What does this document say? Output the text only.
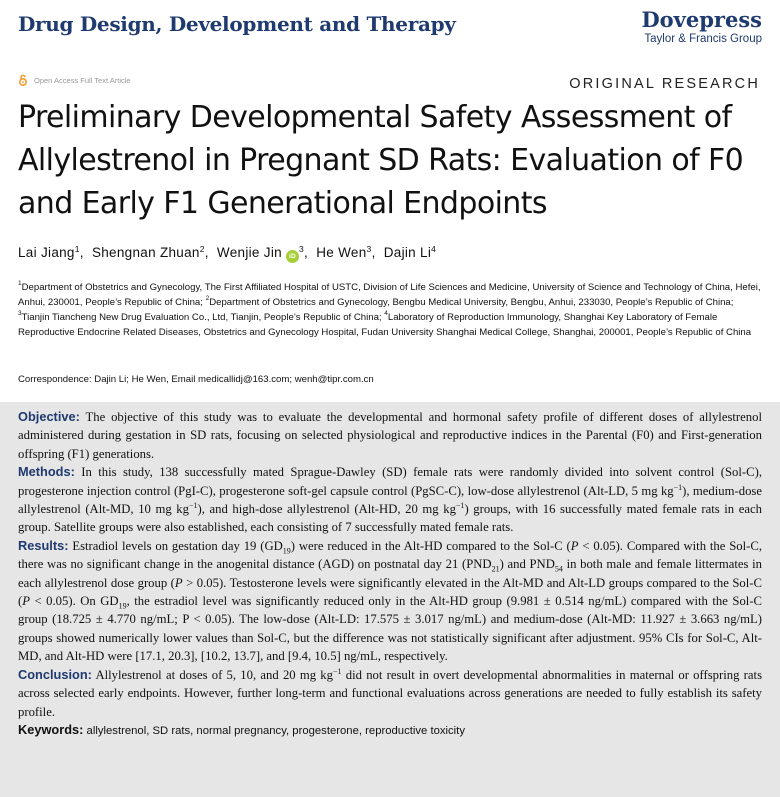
Drug Design, Development and Therapy	Dovepress
Taylor & Francis Group
Open Access Full Text Article	ORIGINAL RESEARCH
Preliminary Developmental Safety Assessment of Allylestrenol in Pregnant SD Rats: Evaluation of F0 and Early F1 Generational Endpoints
Lai Jiang$^1$,  Shengnan Zhuan$^2$,  Wenjie Jin $iD^3$,  He Wen$^3$,  Dajin Li$^4$
$^1$Department of Obstetrics and Gynecology, The First Affiliated Hospital of USTC, Division of Life Sciences and Medicine, University of Science and Technology of China, Hefei, Anhui, 230001, People’s Republic of China; $^2$Department of Obstetrics and Gynecology, Bengbu Medical University, Bengbu, Anhui, 233030, People’s Republic of China; $^3$Tianjin Tiancheng New Drug Evaluation Co., Ltd, Tianjin, People’s Republic of China; $^4$Laboratory of Reproduction Immunology, Shanghai Key Laboratory of Female Reproductive Endocrine Related Diseases, Obstetrics and Gynecology Hospital, Fudan University Shanghai Medical College, Shanghai, 200001, People’s Republic of China
Correspondence: Dajin Li; He Wen, Email medicallidj@163.com; wenh@tipr.com.cn

Objective: The objective of this study was to evaluate the developmental and hormonal safety profile of different doses of allylestrenol administered during gestation in SD rats, focusing on selected physiological and reproductive indices in the Parental (F0) and First-generation offspring (F1) generations.

Methods: In this study, 138 successfully mated Sprague-Dawley (SD) female rats were randomly divided into solvent control (Sol-C), progesterone injection control (PgI-C), progesterone soft-gel capsule control (PgSC-C), low-dose allylestrenol (Alt-LD, 5 mg $kg^{-1}$), medium-dose allylestrenol (Alt-MD, 10 mg $kg^{-1}$), and high-dose allylestrenol (Alt-HD, 20 mg $kg^{-1}$) groups, with 16 successfully mated female rats in each group. Satellite groups were also established, each consisting of 7 successfully mated female rats.

Results: Estradiol levels on gestation day 19 $(GD_{19})$ were reduced in the Alt-HD compared to the Sol-C (P < 0.05). Compared with the Sol-C, there was no significant change in the anogenital distance (AGD) on postnatal day 21 $(PND_{21})$ and $PND_{54}$ in both male and female littermates in each allylestrenol dose group (P > 0.05). Testosterone levels were significantly elevated in the Alt-MD and Alt-LD groups compared to the Sol-C (P < 0.05). On $GD_{19}$, the estradiol level was significantly reduced only in the Alt-HD group (9.981 ± 0.514 ng/mL) compared with the Sol-C group (18.725 ± 4.770 ng/mL; P < 0.05). The low-dose (Alt-LD: 17.575 ± 3.017 ng/mL) and medium-dose (Alt-MD: 11.927 ± 3.663 ng/mL) groups showed numerically lower values than Sol-C, but the difference was not statistically significant after adjustment. 95% CIs for Sol-C, Alt-MD, and Alt-HD were [17.1, 20.3], [10.2, 13.7], and [9.4, 10.5] ng/mL, respectively.

Conclusion: Allylestrenol at doses of 5, 10, and 20 mg $kg^{-1}$ did not result in overt developmental abnormalities in maternal or offspring rats across selected early endpoints. However, further long-term and functional evaluations across generations are needed to fully establish its safety profile.

Keywords: allylestrenol, SD rats, normal pregnancy, progesterone, reproductive toxicity
